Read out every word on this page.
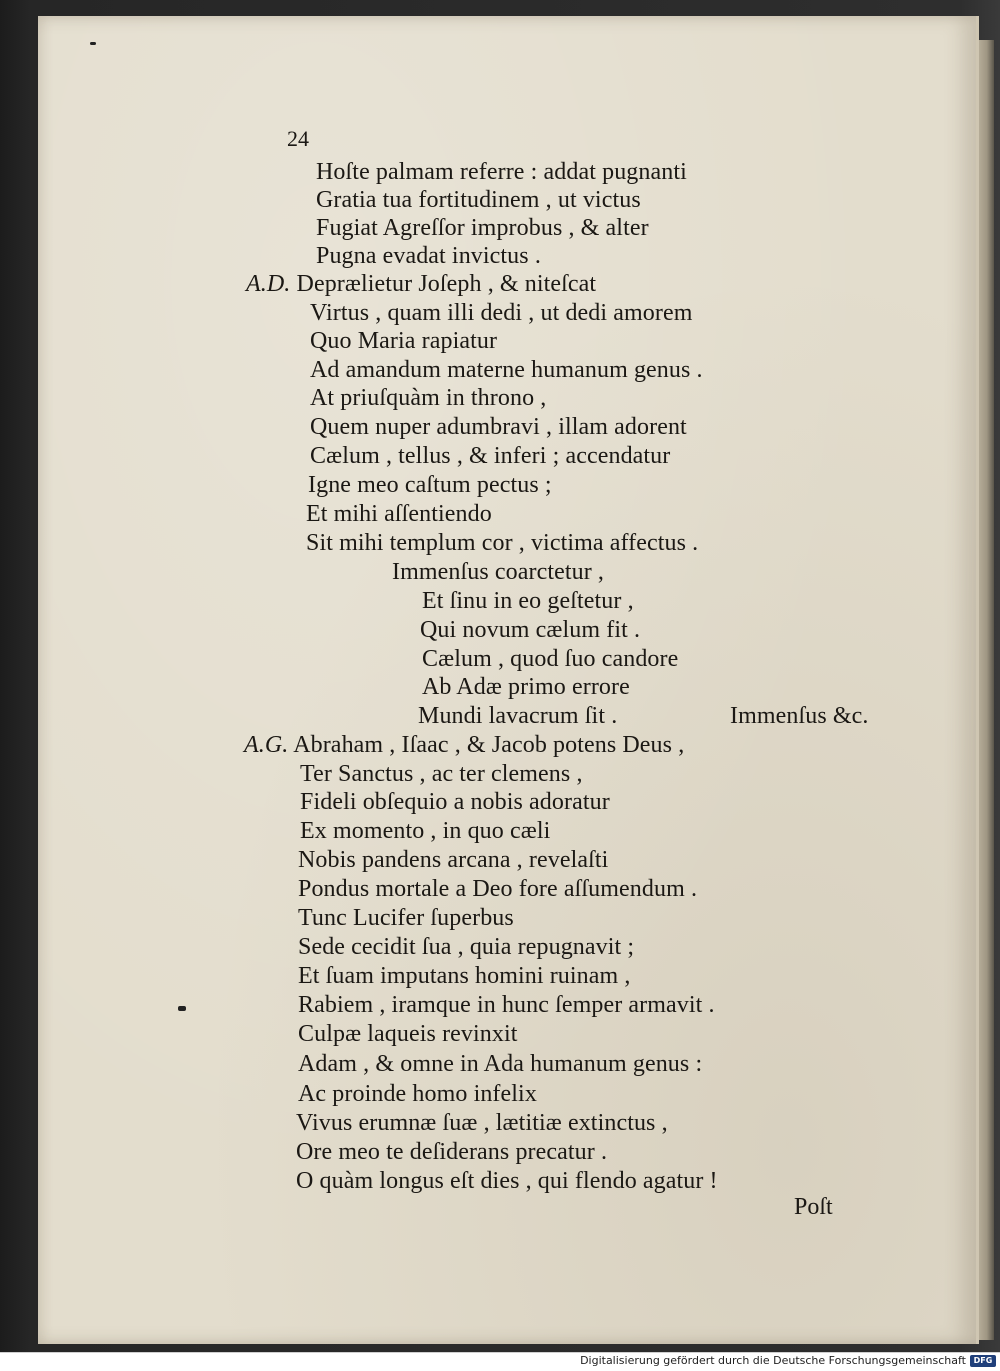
24
Hoſte palmam referre : addat pugnanti
Gratia tua fortitudinem , ut victus
Fugiat Agreſſor improbus , & alter
Pugna evadat invictus .
A.D. Deprælietur Joſeph , & niteſcat
Virtus , quam illi dedi , ut dedi amorem
Quo Maria rapiatur
Ad amandum materne humanum genus .
At priuſquàm in throno ,
Quem nuper adumbravi , illam adorent
Cælum , tellus , & inferi ; accendatur
Igne meo caſtum pectus ;
Et mihi aſſentiendo
Sit mihi templum cor , victima affectus .
Immenſus coarctetur ,
Et ſinu in eo geſtetur ,
Qui novum cælum fit .
Cælum , quod ſuo candore
Ab Adæ primo errore
Mundi lavacrum ſit .	Immenſus &c.
A.G. Abraham , Iſaac , & Jacob potens Deus ,
Ter Sanctus , ac ter clemens ,
Fideli obſequio a nobis adoratur
Ex momento , in quo cæli
Nobis pandens arcana , revelaſti
Pondus mortale a Deo fore aſſumendum .
Tunc Lucifer ſuperbus
Sede cecidit ſua , quia repugnavit ;
Et ſuam imputans homini ruinam ,
Rabiem , iramque in hunc ſemper armavit .
Culpæ laqueis revinxit
Adam , & omne in Ada humanum genus :
Ac proinde homo infelix
Vivus erumnæ ſuæ , lætitiæ extinctus ,
Ore meo te deſiderans precatur .
O quàm longus eſt dies , qui flendo agatur !
Poſt
Digitalisierung gefördert durch die Deutsche Forschungsgemeinschaft DFG
